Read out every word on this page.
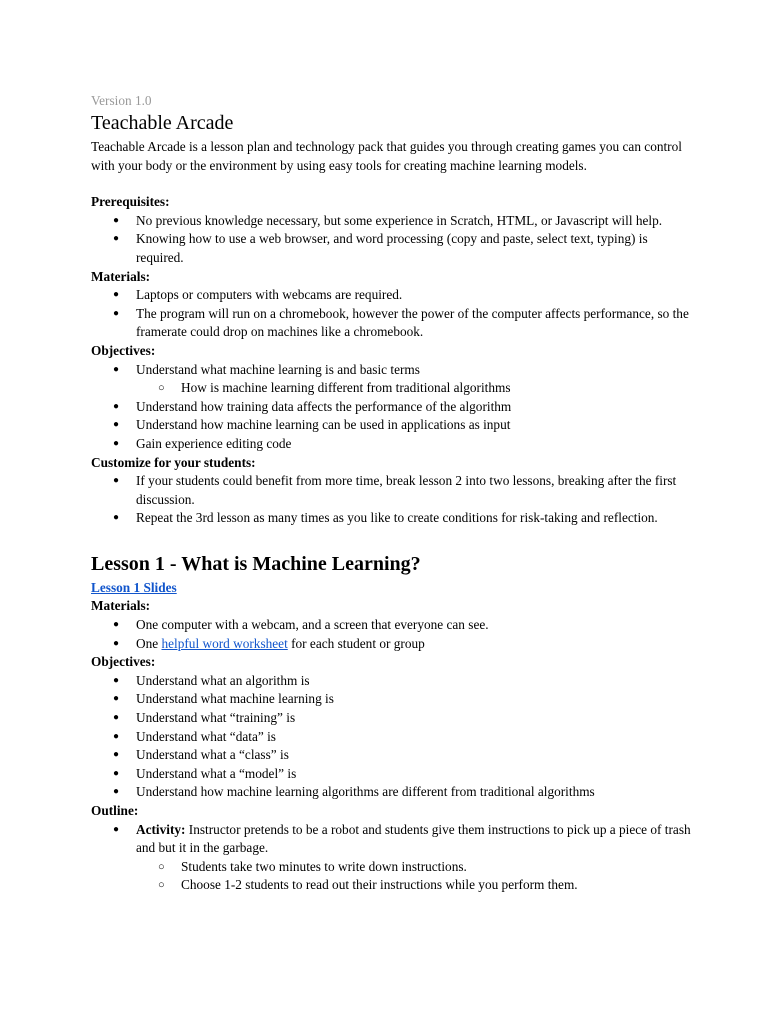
Version 1.0
Teachable Arcade

Teachable Arcade is a lesson plan and technology pack that guides you through creating games you can control with your body or the environment by using easy tools for creating machine learning models.

Prerequisites:
● No previous knowledge necessary, but some experience in Scratch, HTML, or Javascript will help.
● Knowing how to use a web browser, and word processing (copy and paste, select text, typing) is required.
Materials:
● Laptops or computers with webcams are required.
● The program will run on a chromebook, however the power of the computer affects performance, so the framerate could drop on machines like a chromebook.
Objectives:
● Understand what machine learning is and basic terms
○ How is machine learning different from traditional algorithms
● Understand how training data affects the performance of the algorithm
● Understand how machine learning can be used in applications as input
● Gain experience editing code
Customize for your students:
● If your students could benefit from more time, break lesson 2 into two lessons, breaking after the first discussion.
● Repeat the 3rd lesson as many times as you like to create conditions for risk-taking and reflection.
Lesson 1 - What is Machine Learning?
Lesson 1 Slides
Materials:
● One computer with a webcam, and a screen that everyone can see.
● One helpful word worksheet for each student or group
Objectives:
● Understand what an algorithm is
● Understand what machine learning is
● Understand what “training” is
● Understand what “data” is
● Understand what a “class” is
● Understand what a “model” is
● Understand how machine learning algorithms are different from traditional algorithms
Outline:
● Activity: Instructor pretends to be a robot and students give them instructions to pick up a piece of trash and but it in the garbage.
○ Students take two minutes to write down instructions.
○ Choose 1-2 students to read out their instructions while you perform them.
